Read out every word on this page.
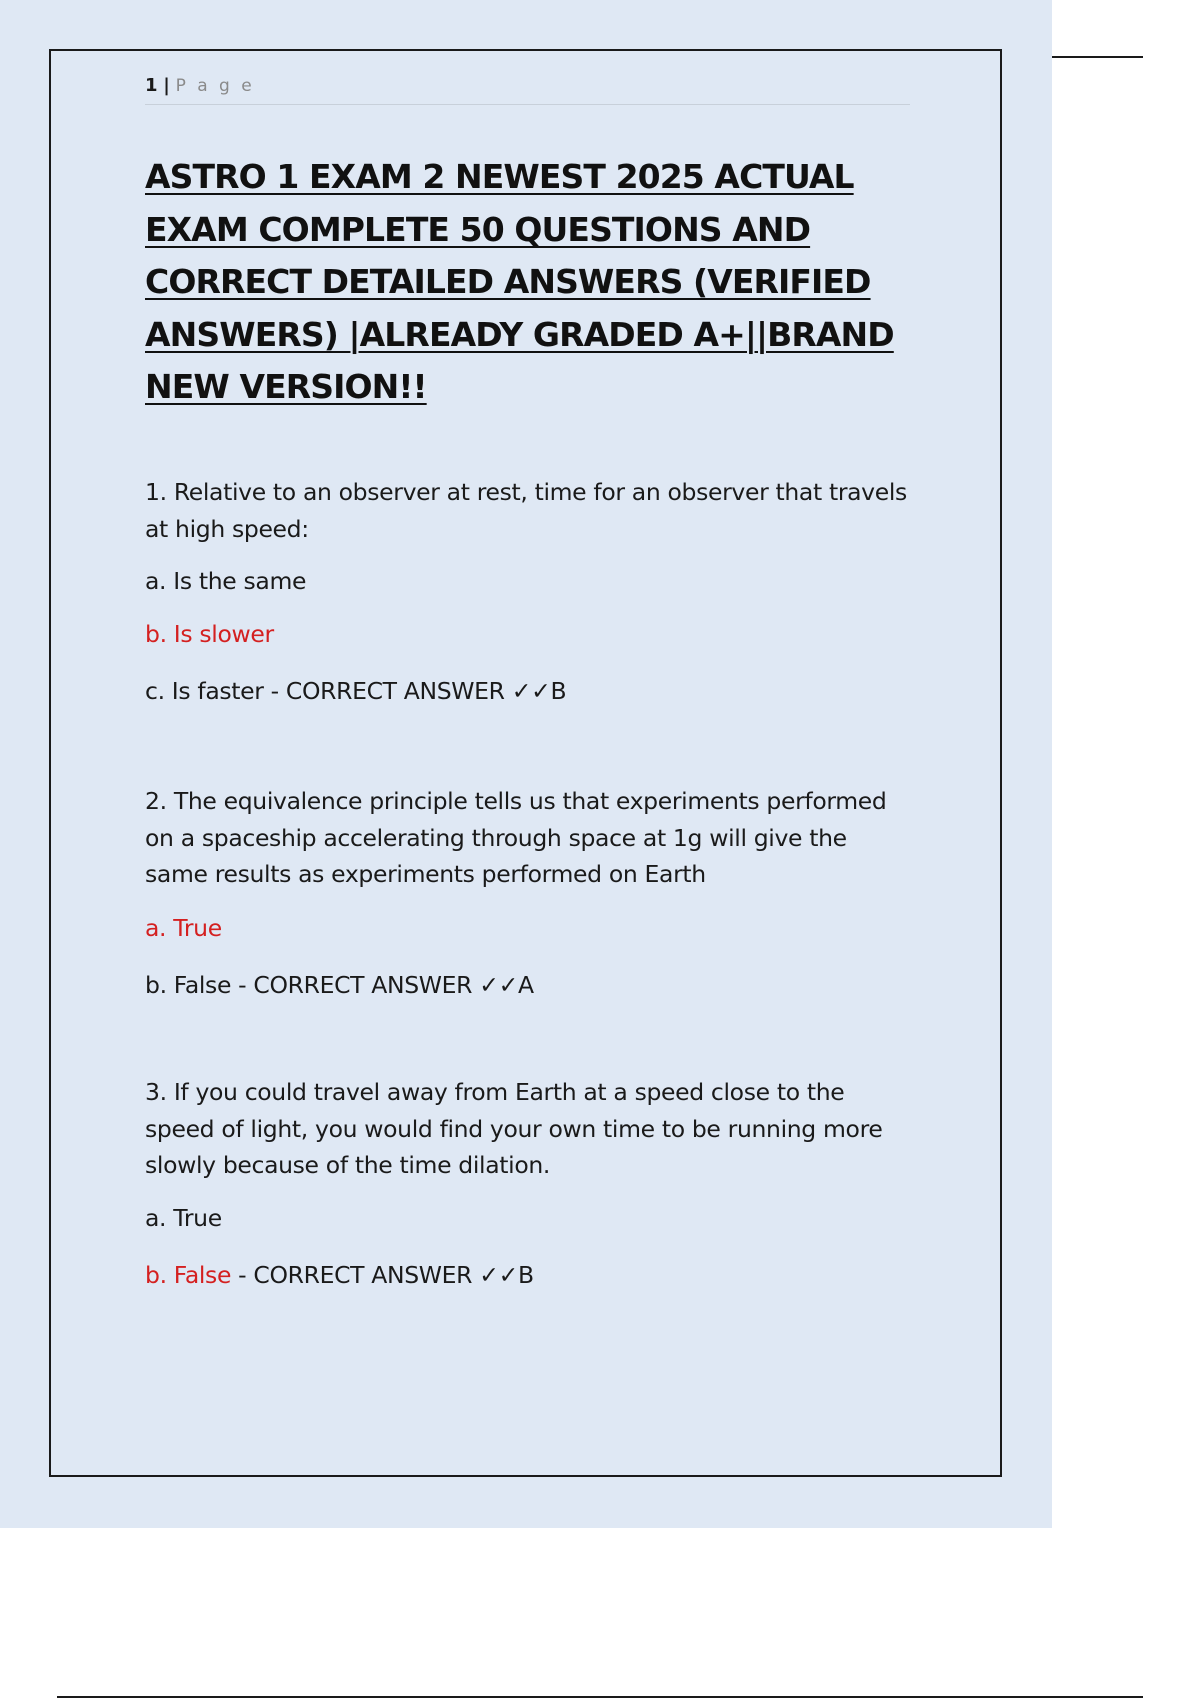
1 | P a g e
ASTRO 1 EXAM 2 NEWEST 2025 ACTUAL
EXAM COMPLETE 50 QUESTIONS AND
CORRECT DETAILED ANSWERS (VERIFIED
ANSWERS) |ALREADY GRADED A+||BRAND
NEW VERSION!!
1. Relative to an observer at rest, time for an observer that travels at high speed:
a. Is the same
b. Is slower
c. Is faster - CORRECT ANSWER ✓✓B
2. The equivalence principle tells us that experiments performed on a spaceship accelerating through space at 1g will give the same results as experiments performed on Earth
a. True
b. False - CORRECT ANSWER ✓✓A
3. If you could travel away from Earth at a speed close to the speed of light, you would find your own time to be running more slowly because of the time dilation.
a. True
b. False - CORRECT ANSWER ✓✓B
